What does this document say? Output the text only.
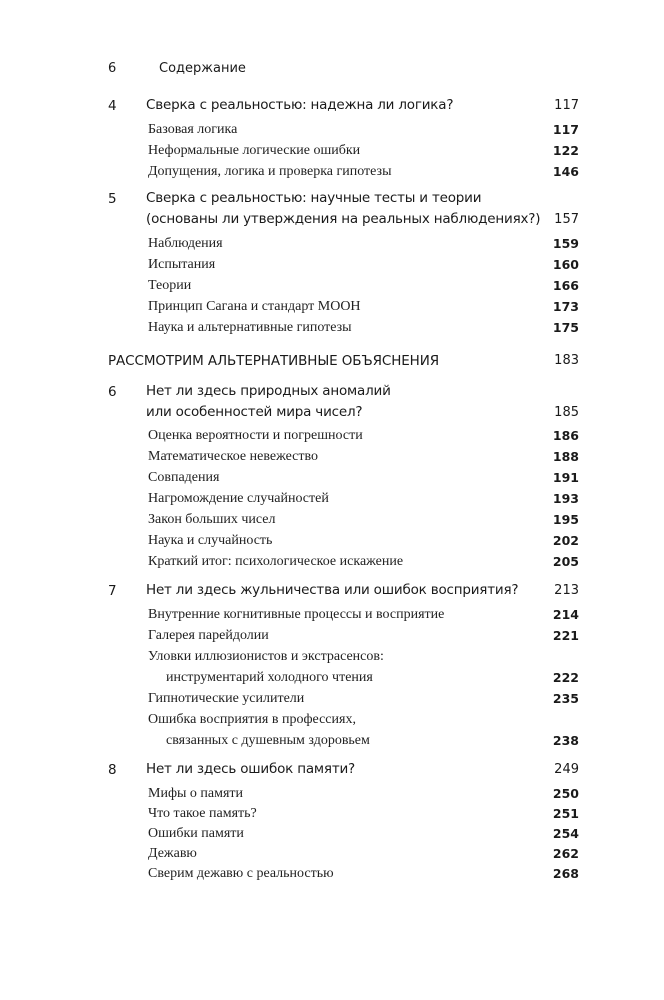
6	Содержание
4 Сверка с реальностью: надежна ли логика?	117
Базовая логика	117
Неформальные логические ошибки	122
Допущения, логика и проверка гипотезы	146
5 Сверка с реальностью: научные тесты и теории
(основаны ли утверждения на реальных наблюдениях?) 157
Наблюдения	159
Испытания	160
Теории	166
Принцип Сагана и стандарт МООН	173
Наука и альтернативные гипотезы	175
РАССМОТРИМ АЛЬТЕРНАТИВНЫЕ ОБЪЯСНЕНИЯ	183
6 Нет ли здесь природных аномалий
или особенностей мира чисел?	185
Оценка вероятности и погрешности	186
Математическое невежество	188
Совпадения	191
Нагромождение случайностей	193
Закон больших чисел	195
Наука и случайность	202
Краткий итог: психологическое искажение	205
7 Нет ли здесь жульничества или ошибок восприятия?	213
Внутренние когнитивные процессы и восприятие	214
Галерея парейдолии	221
Уловки иллюзионистов и экстрасенсов:
инструментарий холодного чтения	222
Гипнотические усилители	235
Ошибка восприятия в профессиях,
связанных с душевным здоровьем	238
8 Нет ли здесь ошибок памяти?	249
Мифы о памяти	250
Что такое память?	251
Ошибки памяти	254
Дежавю	262
Сверим дежавю с реальностью	268
